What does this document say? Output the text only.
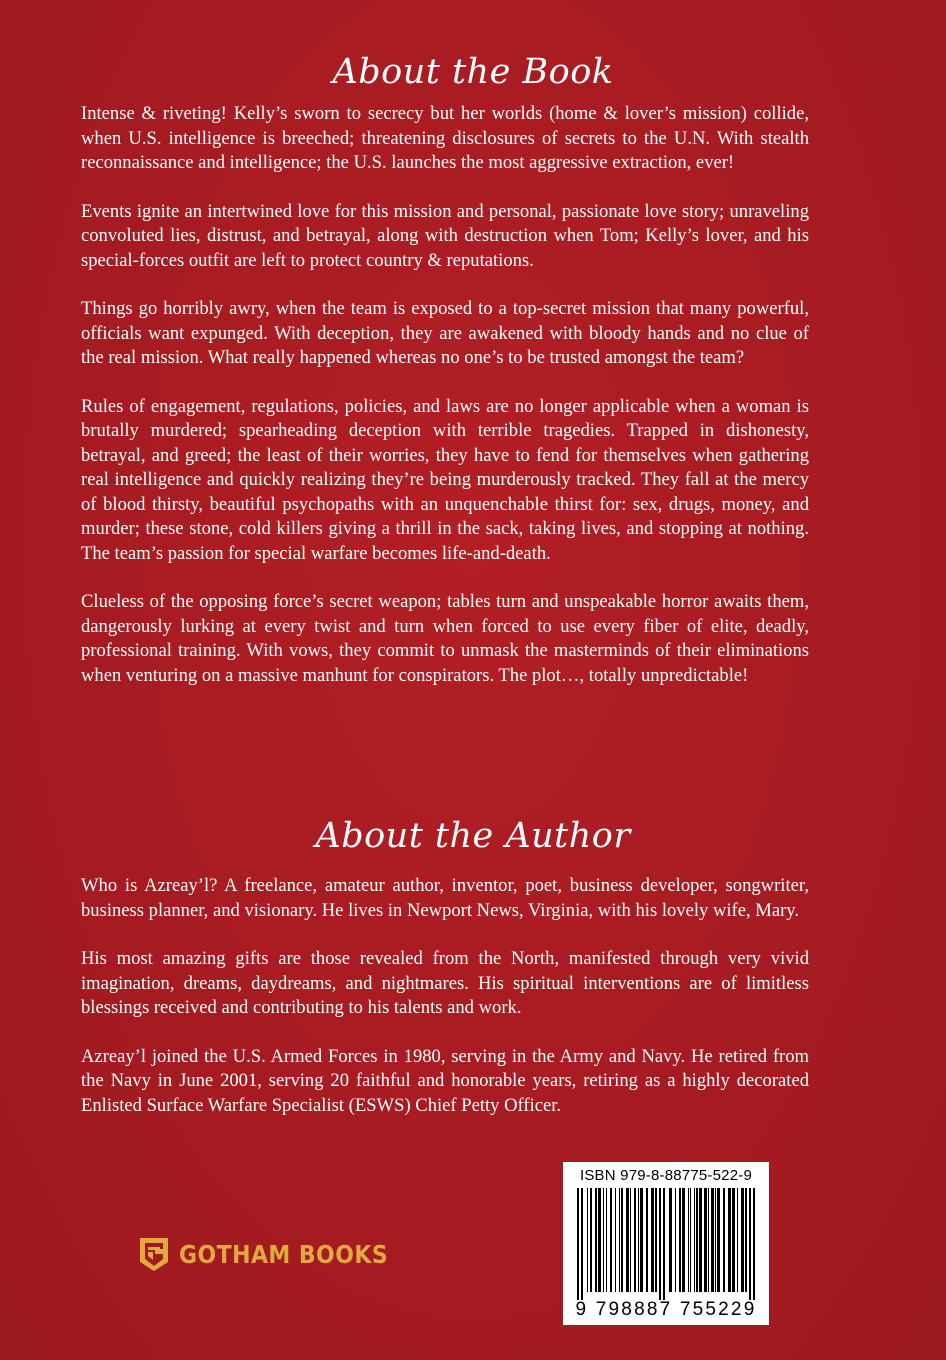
About the Book

Intense & riveting! Kelly’s sworn to secrecy but her worlds (home & lover’s mission) collide, when U.S. intelligence is breeched; threatening disclosures of secrets to the U.N. With stealth reconnaissance and intelligence; the U.S. launches the most aggressive extraction, ever!

Events ignite an intertwined love for this mission and personal, passionate love story; unraveling convoluted lies, distrust, and betrayal, along with destruction when Tom; Kelly’s lover, and his special-forces outfit are left to protect country & reputations.

Things go horribly awry, when the team is exposed to a top-secret mission that many powerful, officials want expunged. With deception, they are awakened with bloody hands and no clue of the real mission. What really happened whereas no one’s to be trusted amongst the team?

Rules of engagement, regulations, policies, and laws are no longer applicable when a woman is brutally murdered; spearheading deception with terrible tragedies. Trapped in dishonesty, betrayal, and greed; the least of their worries, they have to fend for themselves when gathering real intelligence and quickly realizing they’re being murderously tracked. They fall at the mercy of blood thirsty, beautiful psychopaths with an unquenchable thirst for: sex, drugs, money, and murder; these stone, cold killers giving a thrill in the sack, taking lives, and stopping at nothing. The team’s passion for special warfare becomes life-and-death.

Clueless of the opposing force’s secret weapon; tables turn and unspeakable horror awaits them, dangerously lurking at every twist and turn when forced to use every fiber of elite, deadly, professional training. With vows, they commit to unmask the masterminds of their eliminations when venturing on a massive manhunt for conspirators. The plot…, totally unpredictable!

About the Author

Who is Azreay’l? A freelance, amateur author, inventor, poet, business developer, songwriter, business planner, and visionary. He lives in Newport News, Virginia, with his lovely wife, Mary.

His most amazing gifts are those revealed from the North, manifested through very vivid imagination, dreams, daydreams, and nightmares. His spiritual interventions are of limitless blessings received and contributing to his talents and work.

Azreay’l joined the U.S. Armed Forces in 1980, serving in the Army and Navy. He retired from the Navy in June 2001, serving 20 faithful and honorable years, retiring as a highly decorated Enlisted Surface Warfare Specialist (ESWS) Chief Petty Officer.

GOTHAM BOOKS
ISBN 979-8-88775-522-9
9 798887 755229
